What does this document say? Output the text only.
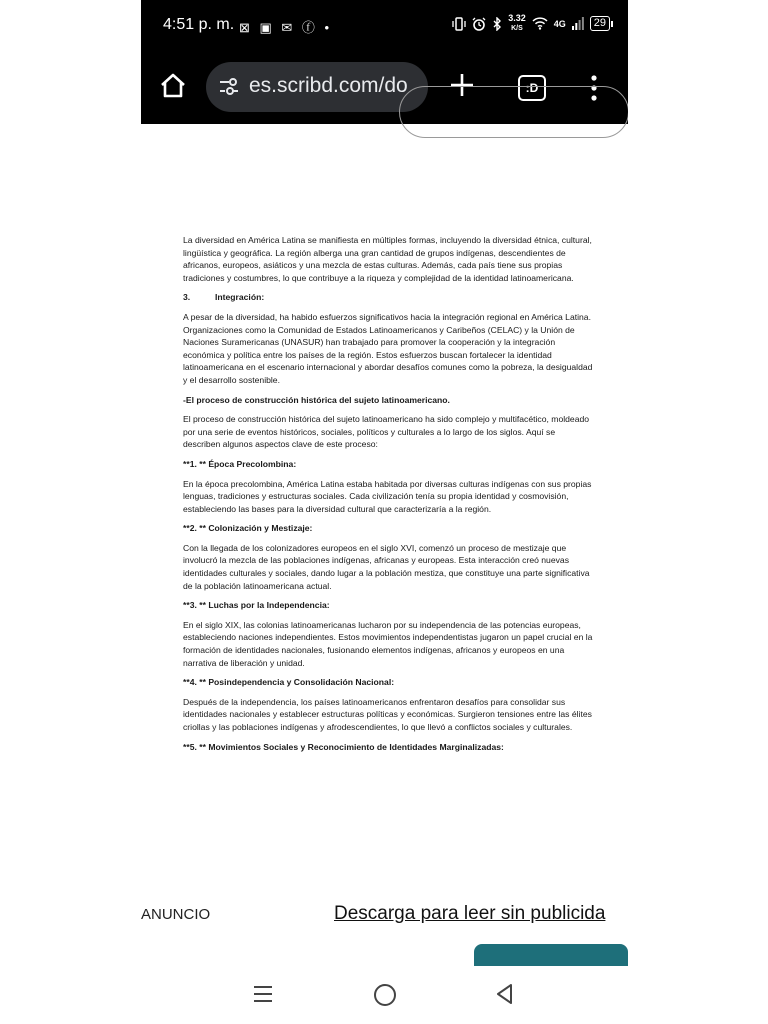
4:51 p. m. ⊠ ▣ ✉ ⓕ •
3.32
K/S	4G	29
es.scribd.com/do	:D

La diversidad en América Latina se manifiesta en múltiples formas, incluyendo la diversidad étnica, cultural, lingüística y geográfica. La región alberga una gran cantidad de grupos indígenas, descendientes de africanos, europeos, asiáticos y una mezcla de estas culturas. Además, cada país tiene sus propias tradiciones y costumbres, lo que contribuye a la riqueza y complejidad de la identidad latinoamericana.

3.	Integración:

A pesar de la diversidad, ha habido esfuerzos significativos hacia la integración regional en América Latina. Organizaciones como la Comunidad de Estados Latinoamericanos y Caribeños (CELAC) y la Unión de Naciones Suramericanas (UNASUR) han trabajado para promover la cooperación y la integración económica y política entre los países de la región. Estos esfuerzos buscan fortalecer la identidad latinoamericana en el escenario internacional y abordar desafíos comunes como la pobreza, la desigualdad y el desarrollo sostenible.

-El proceso de construcción histórica del sujeto latinoamericano.

El proceso de construcción histórica del sujeto latinoamericano ha sido complejo y multifacético, moldeado por una serie de eventos históricos, sociales, políticos y culturales a lo largo de los siglos. Aquí se describen algunos aspectos clave de este proceso:

**1. ** Época Precolombina:

En la época precolombina, América Latina estaba habitada por diversas culturas indígenas con sus propias lenguas, tradiciones y estructuras sociales. Cada civilización tenía su propia identidad y cosmovisión, estableciendo las bases para la diversidad cultural que caracterizaría a la región.

**2. ** Colonización y Mestizaje:

Con la llegada de los colonizadores europeos en el siglo XVI, comenzó un proceso de mestizaje que involucró la mezcla de las poblaciones indígenas, africanas y europeas. Esta interacción creó nuevas identidades culturales y sociales, dando lugar a la población mestiza, que constituye una parte significativa de la población latinoamericana actual.

**3. ** Luchas por la Independencia:

En el siglo XIX, las colonias latinoamericanas lucharon por su independencia de las potencias europeas, estableciendo naciones independientes. Estos movimientos independentistas jugaron un papel crucial en la formación de identidades nacionales, fusionando elementos indígenas, africanos y europeos en una narrativa de liberación y unidad.

**4. ** Posindependencia y Consolidación Nacional:

Después de la independencia, los países latinoamericanos enfrentaron desafíos para consolidar sus identidades nacionales y establecer estructuras políticas y económicas. Surgieron tensiones entre las élites criollas y las poblaciones indígenas y afrodescendientes, lo que llevó a conflictos sociales y culturales.

**5. ** Movimientos Sociales y Reconocimiento de Identidades Marginalizadas:
ANUNCIO	Descarga para leer sin publicida
